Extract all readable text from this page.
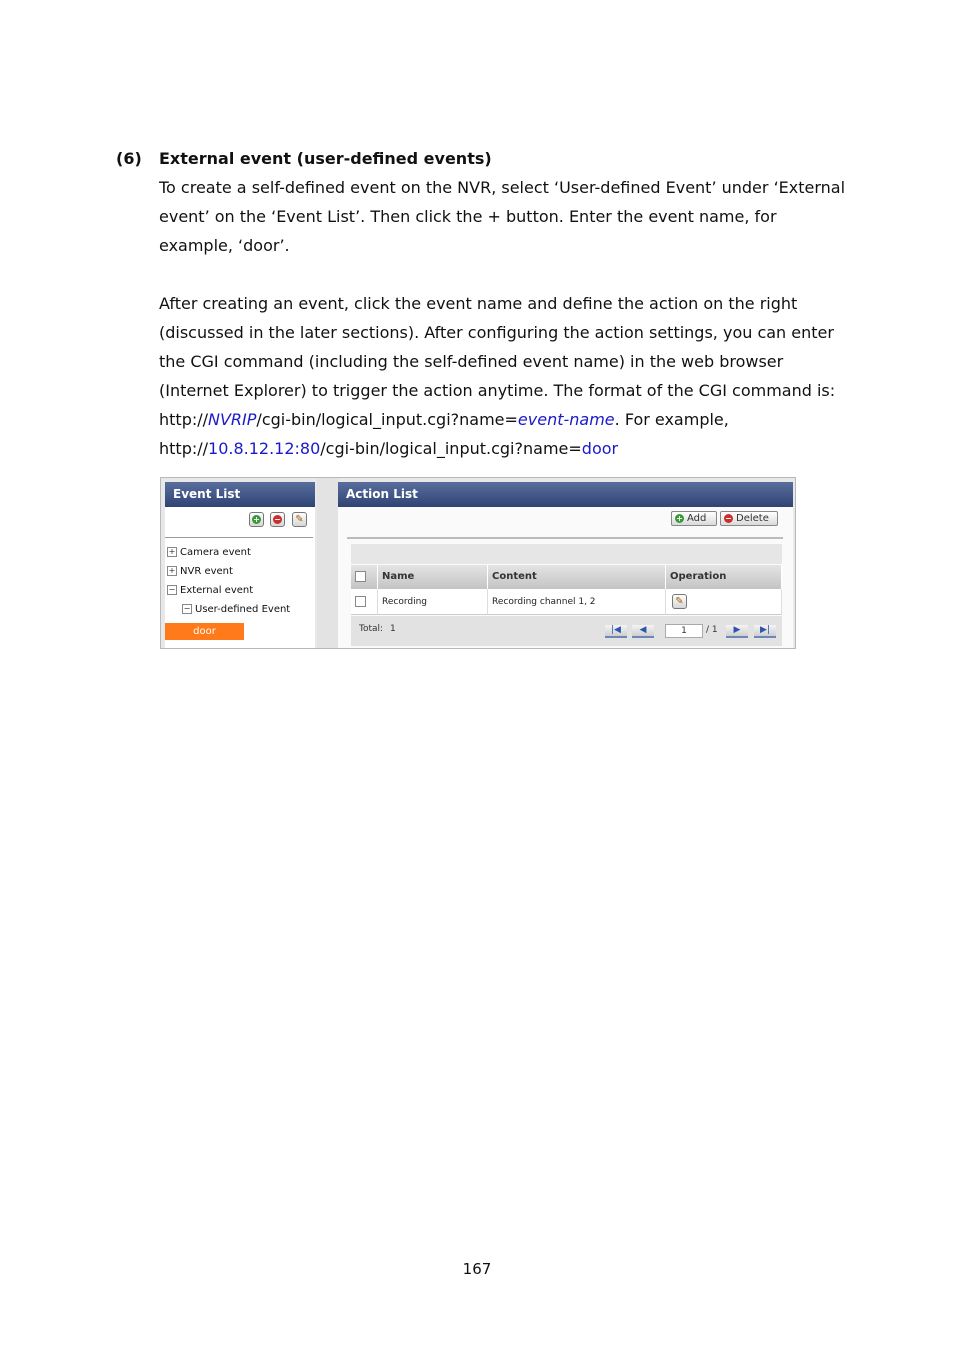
(6) External event (user-defined events)
To create a self-defined event on the NVR, select ‘User-defined Event’ under ‘External
event’ on the ‘Event List’. Then click the + button. Enter the event name, for
example, ‘door’.
After creating an event, click the event name and define the action on the right
(discussed in the later sections). After configuring the action settings, you can enter
the CGI command (including the self-defined event name) in the web browser
(Internet Explorer) to trigger the action anytime. The format of the CGI command is:
http://NVRIP/cgi-bin/logical_input.cgi?name=event-name. For example,
http://10.8.12.12:80/cgi-bin/logical_input.cgi?name=door
Event List
+ − ✎
+ Camera event
+ NVR event
− External event
− User-defined Event
door
Action List
+ Add − Delete
Name	Content	Operation
Recording	Recording channel 1, 2	✎
Total: 1	|◀	◀	1	/ 1	▶	▶|
167
